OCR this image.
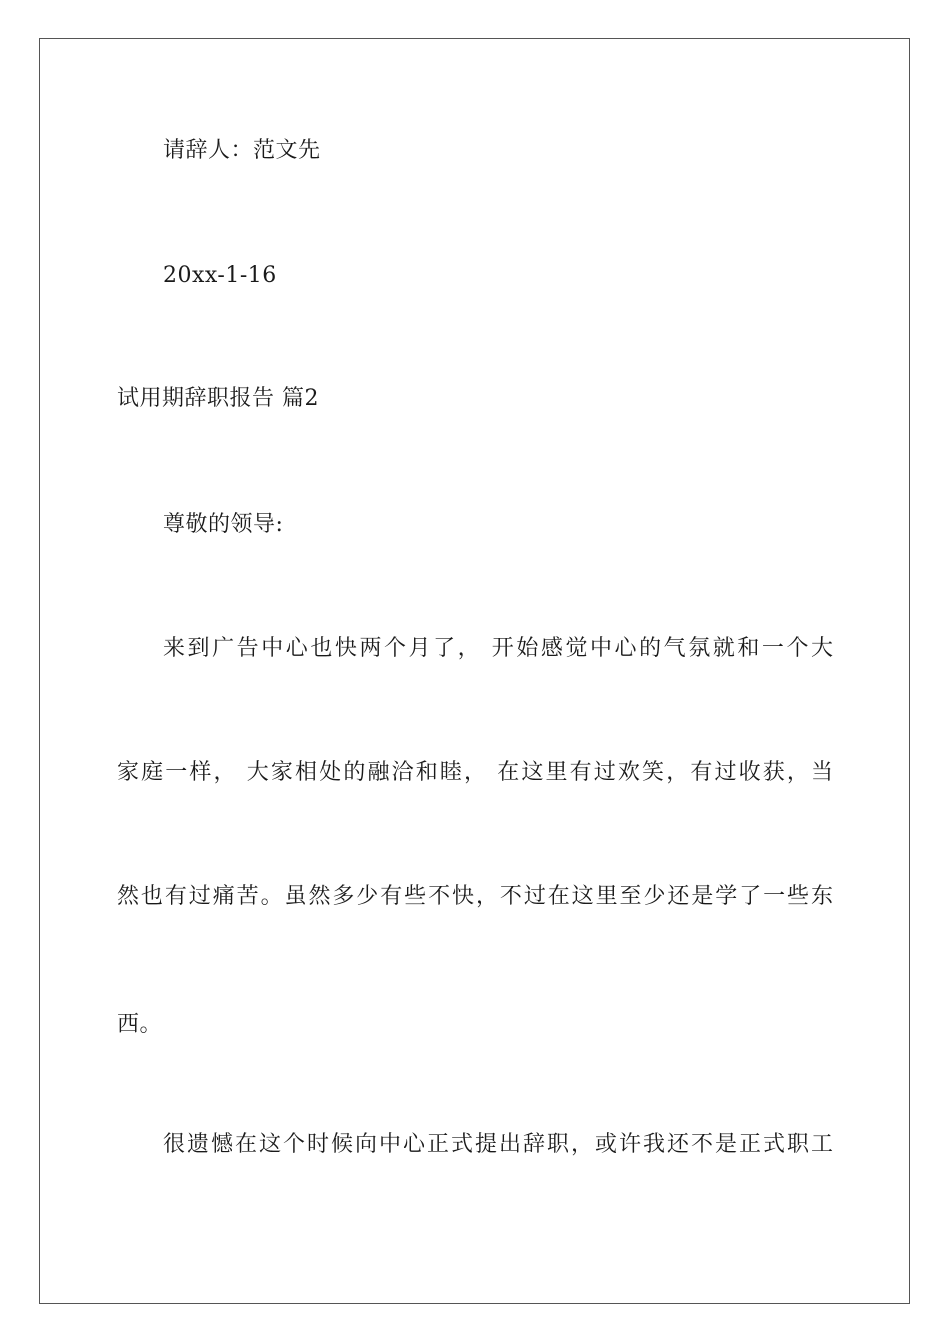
请辞人：范文先
20xx-1-16
试用期辞职报告 篇2
尊敬的领导:
来到广告中心也快两个月了， 开始感觉中心的气氛就和一个大
家庭一样， 大家相处的融洽和睦， 在这里有过欢笑，有过收获，当
然也有过痛苦。虽然多少有些不快，不过在这里至少还是学了一些东
西。
很遗憾在这个时候向中心正式提出辞职，或许我还不是正式职工
